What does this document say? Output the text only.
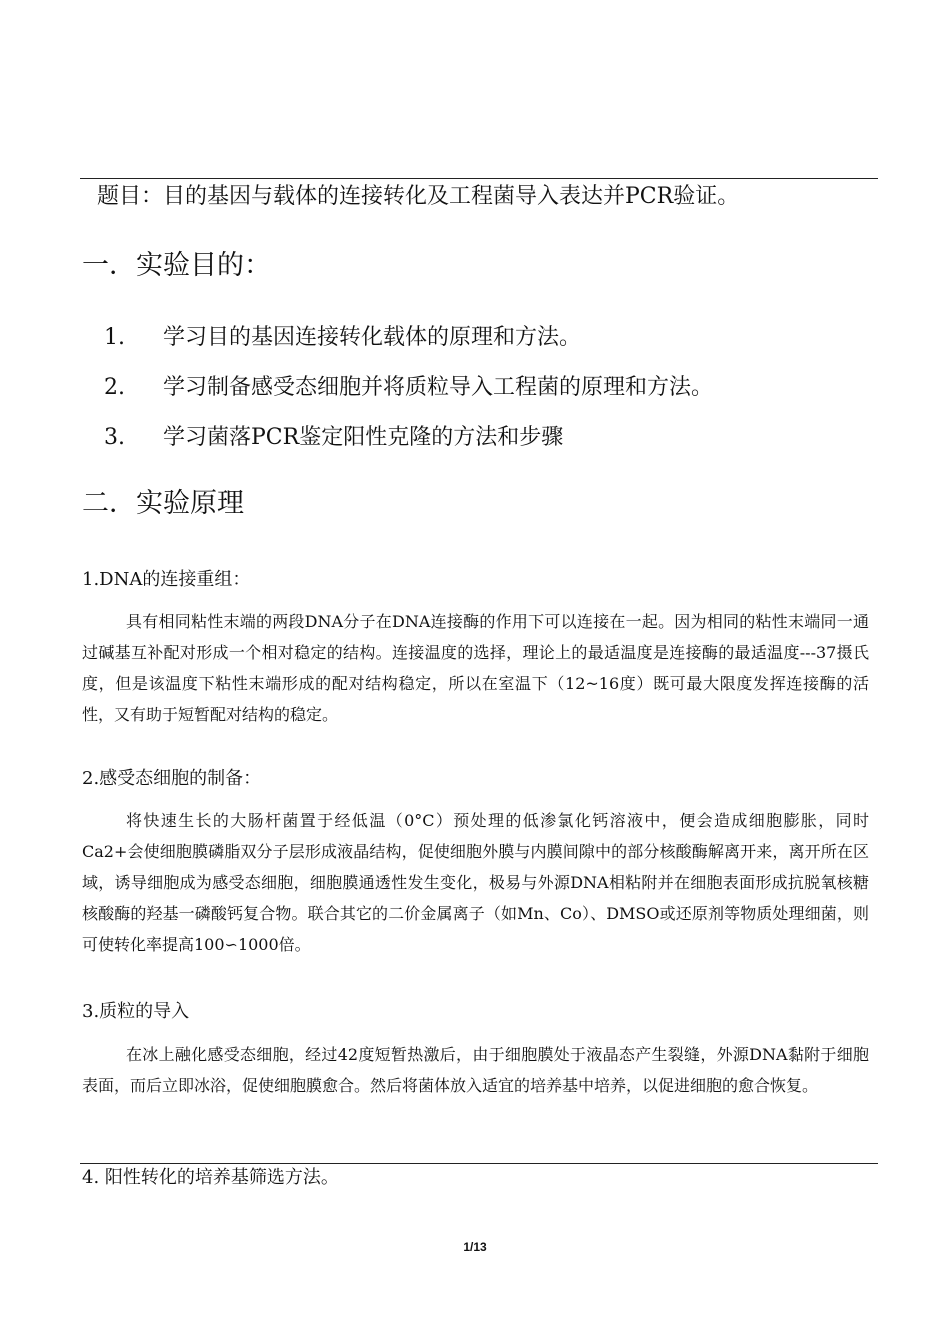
题目：目的基因与载体的连接转化及工程菌导入表达并PCR验证。
一．实验目的：
1. 学习目的基因连接转化载体的原理和方法。
2. 学习制备感受态细胞并将质粒导入工程菌的原理和方法。
3. 学习菌落PCR鉴定阳性克隆的方法和步骤
二．实验原理
1.DNA的连接重组：

具有相同粘性末端的两段DNA分子在DNA连接酶的作用下可以连接在一起。因为相同的粘性末端同一通过碱基互补配对形成一个相对稳定的结构。连接温度的选择，理论上的最适温度是连接酶的最适温度---37摄氏度，但是该温度下粘性末端形成的配对结构稳定，所以在室温下（12~16度）既可最大限度发挥连接酶的活性，又有助于短暂配对结构的稳定。

2.感受态细胞的制备：

将快速生长的大肠杆菌置于经低温（0°C）预处理的低渗氯化钙溶液中，便会造成细胞膨胀，同时Ca2+会使细胞膜磷脂双分子层形成液晶结构，促使细胞外膜与内膜间隙中的部分核酸酶解离开来，离开所在区域，诱导细胞成为感受态细胞，细胞膜通透性发生变化，极易与外源DNA相粘附并在细胞表面形成抗脱氧核糖核酸酶的羟基一磷酸钙复合物。联合其它的二价金属离子（如Mn、Co）、DMSO或还原剂等物质处理细菌，则可使转化率提高100∽1000倍。

3.质粒的导入

在冰上融化感受态细胞，经过42度短暂热激后，由于细胞膜处于液晶态产生裂缝，外源DNA黏附于细胞表面，而后立即冰浴，促使细胞膜愈合。然后将菌体放入适宜的培养基中培养，以促进细胞的愈合恢复。

4. 阳性转化的培养基筛选方法。
1/13
